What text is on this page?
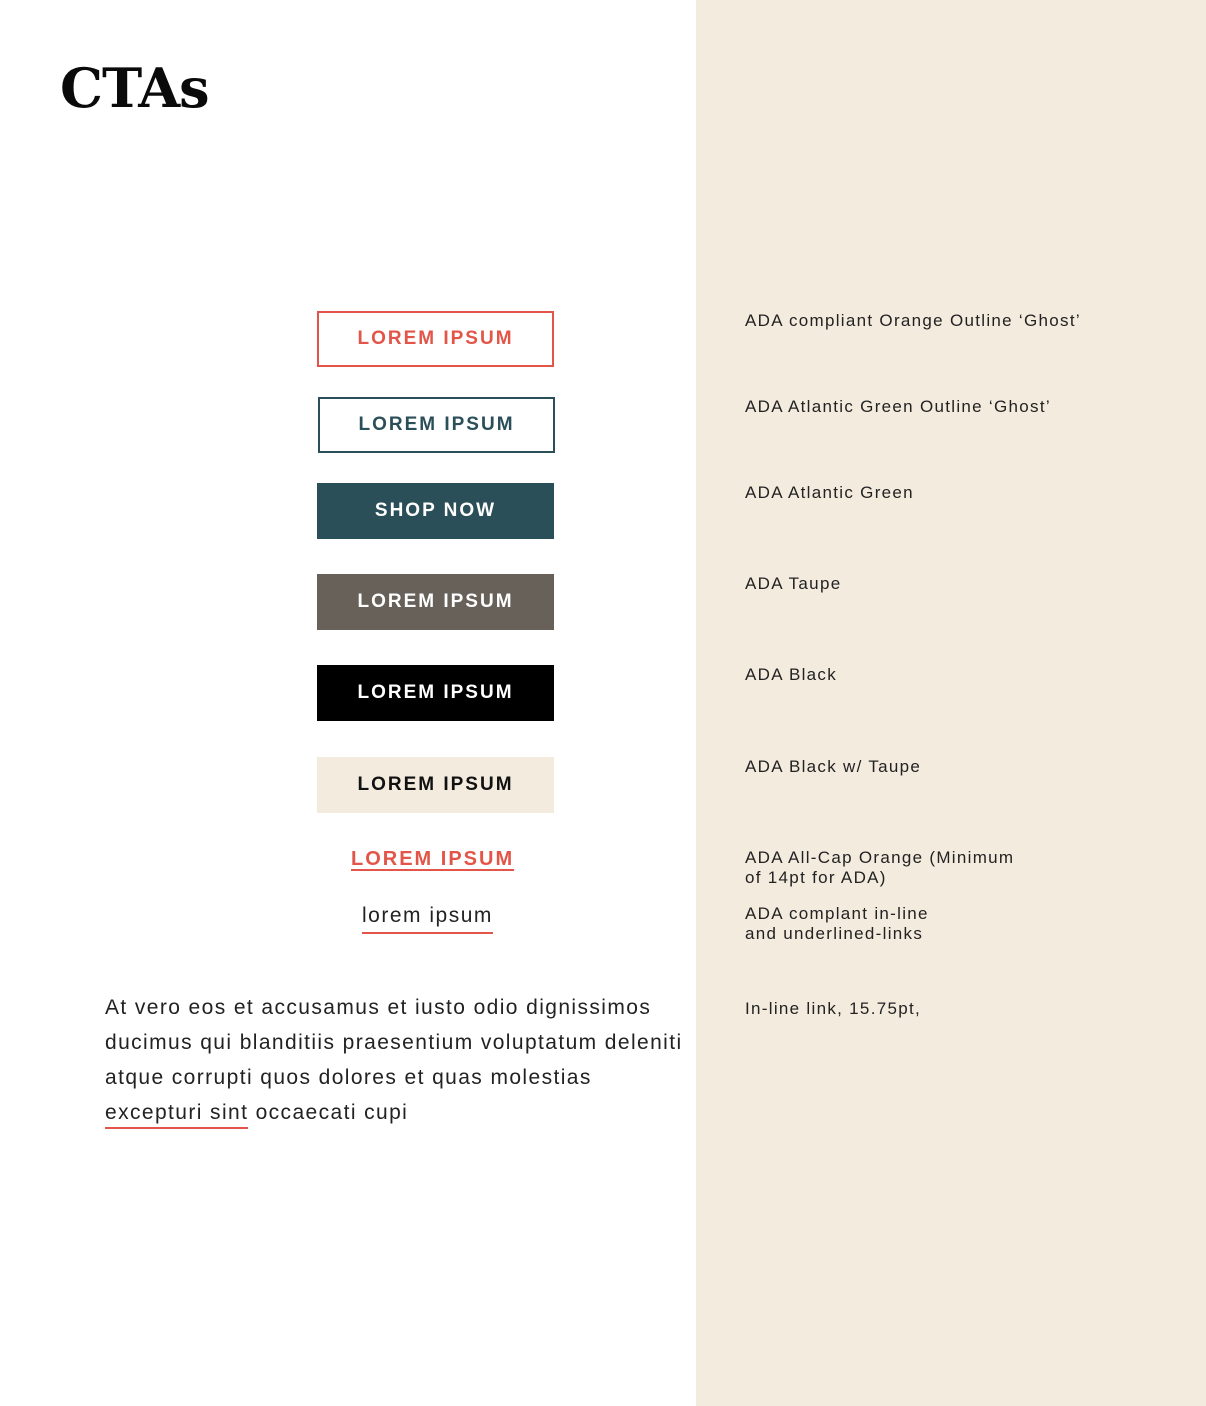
CTAs
LOREM IPSUM
LOREM IPSUM
SHOP NOW
LOREM IPSUM
LOREM IPSUM
LOREM IPSUM
LOREM IPSUM
lorem ipsum

At vero eos et accusamus et iusto odio dignissimos ducimus qui blanditiis praesentium voluptatum deleniti atque corrupti quos dolores et quas molestias excepturi sint occaecati cupi

ADA compliant Orange Outline ‘Ghost’

ADA Atlantic Green Outline ‘Ghost’

ADA Atlantic Green

ADA Taupe

ADA Black

ADA Black w/ Taupe

ADA All-Cap Orange (Minimum
of 14pt for ADA)
ADA complant in-line
and underlined-links

In-line link, 15.75pt,
